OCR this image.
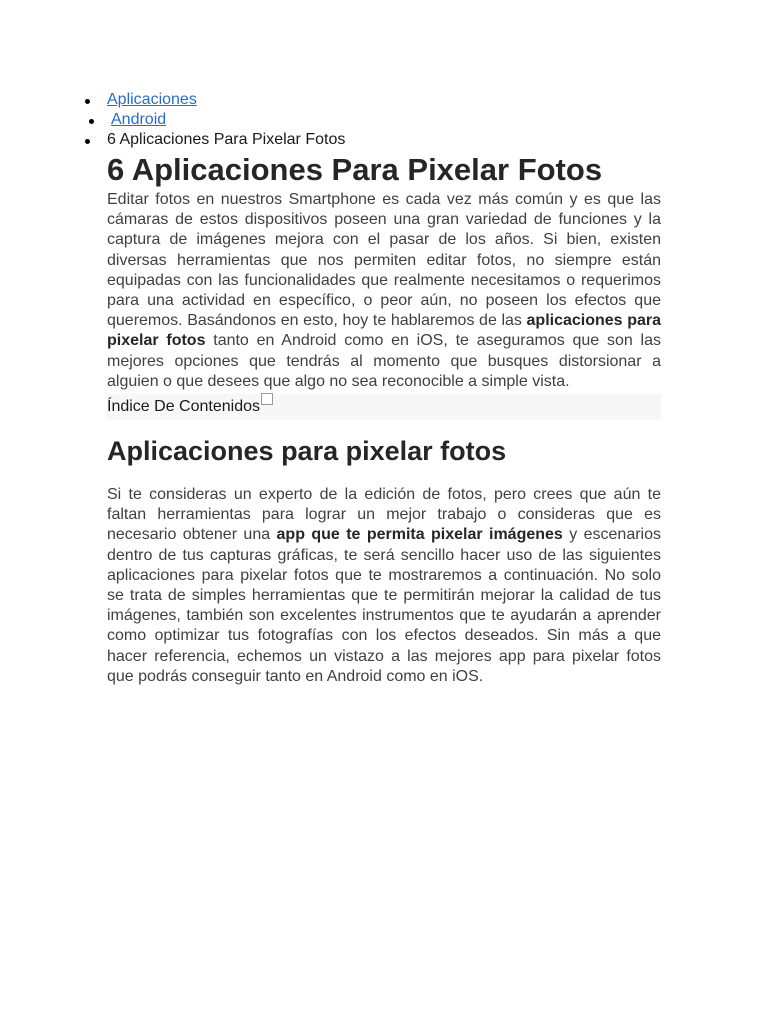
Aplicaciones
Android
6 Aplicaciones Para Pixelar Fotos
6 Aplicaciones Para Pixelar Fotos

Editar fotos en nuestros Smartphone es cada vez más común y es que las cámaras de estos dispositivos poseen una gran variedad de funciones y la captura de imágenes mejora con el pasar de los años. Si bien, existen diversas herramientas que nos permiten editar fotos, no siempre están equipadas con las funcionalidades que realmente necesitamos o requerimos para una actividad en específico, o peor aún, no poseen los efectos que queremos. Basándonos en esto, hoy te hablaremos de las aplicaciones para pixelar fotos tanto en Android como en iOS, te aseguramos que son las mejores opciones que tendrás al momento que busques distorsionar a alguien o que desees que algo no sea reconocible a simple vista.

Índice De Contenidos
Aplicaciones para pixelar fotos

Si te consideras un experto de la edición de fotos, pero crees que aún te faltan herramientas para lograr un mejor trabajo o consideras que es necesario obtener una app que te permita pixelar imágenes y escenarios dentro de tus capturas gráficas, te será sencillo hacer uso de las siguientes aplicaciones para pixelar fotos que te mostraremos a continuación. No solo se trata de simples herramientas que te permitirán mejorar la calidad de tus imágenes, también son excelentes instrumentos que te ayudarán a aprender como optimizar tus fotografías con los efectos deseados. Sin más a que hacer referencia, echemos un vistazo a las mejores app para pixelar fotos que podrás conseguir tanto en Android como en iOS.
